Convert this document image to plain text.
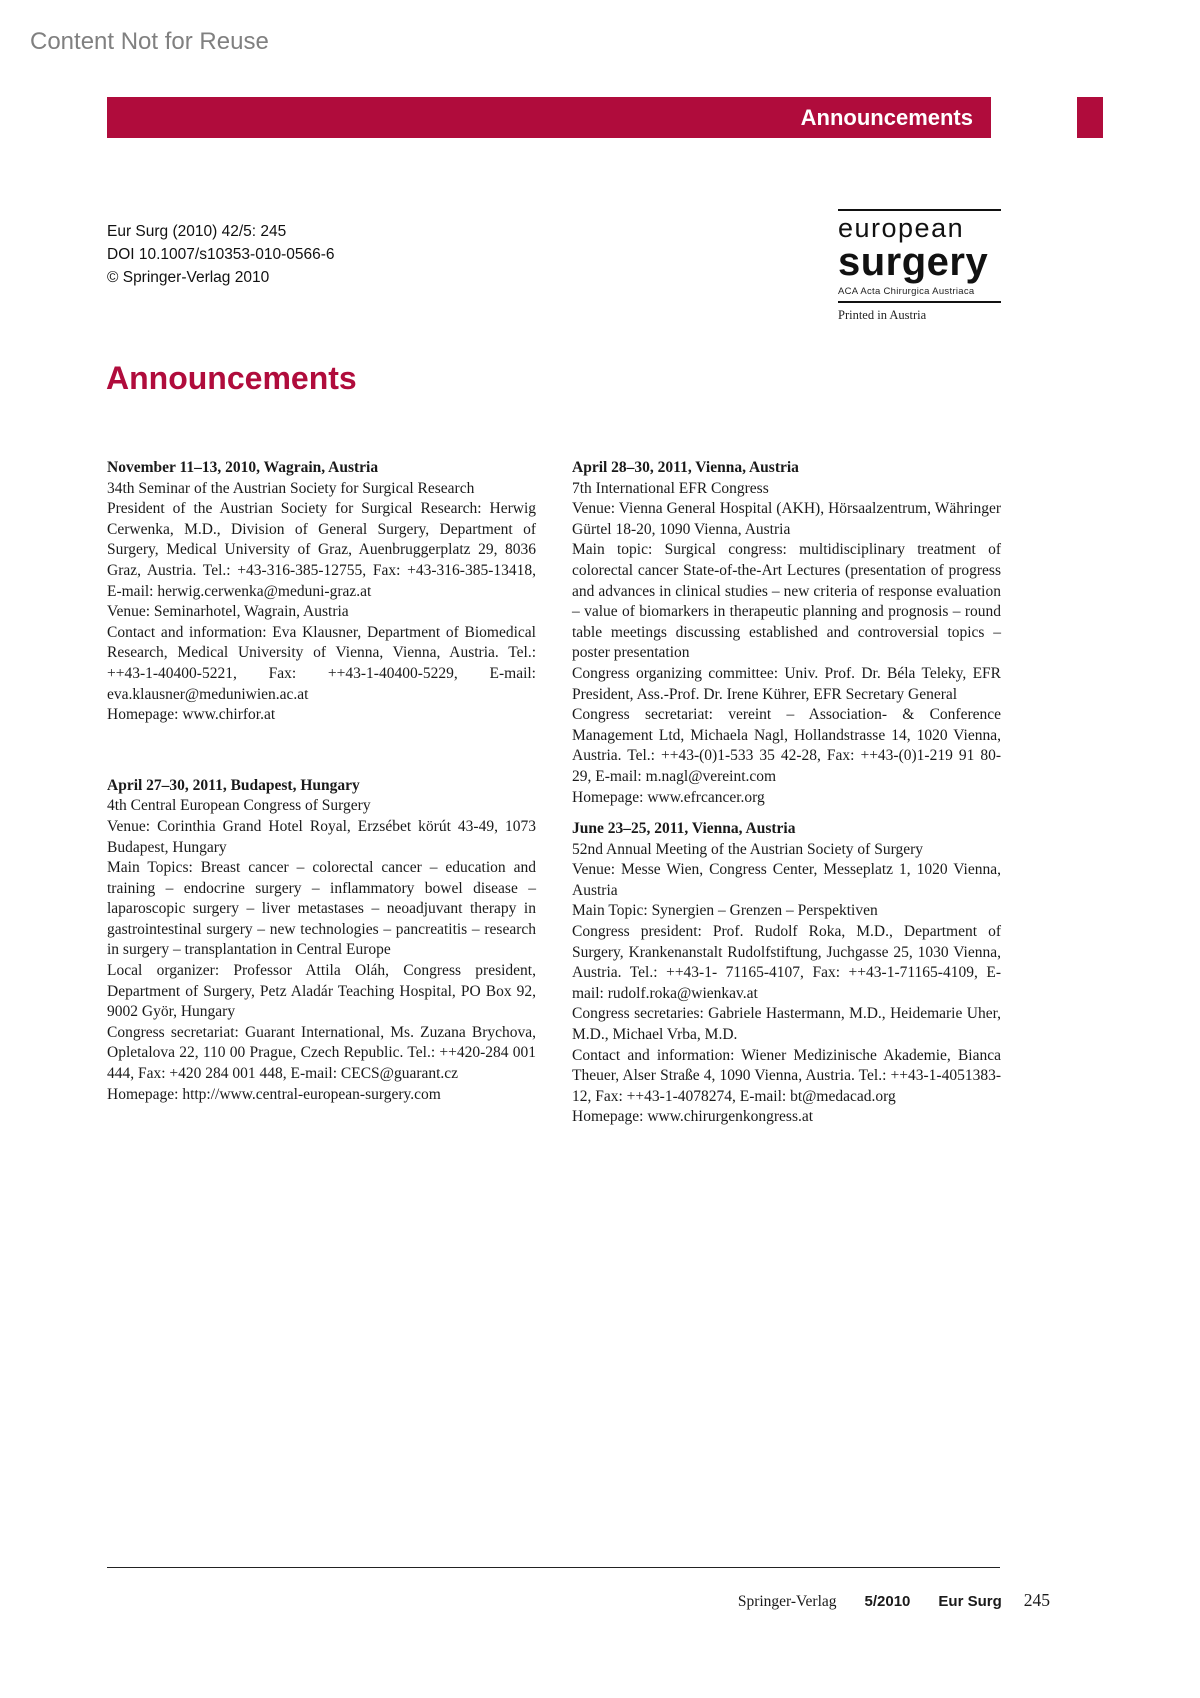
Content Not for Reuse
Announcements
Eur Surg (2010) 42/5: 245
DOI 10.1007/s10353-010-0566-6
© Springer-Verlag 2010
european
surgery
ACA Acta Chirurgica Austriaca
Printed in Austria
Announcements

November 11–13, 2010, Wagrain, Austria

34th Seminar of the Austrian Society for Surgical Research

President of the Austrian Society for Surgical Research: Herwig Cerwenka, M.D., Division of General Surgery, Department of Surgery, Medical University of Graz, Auenbruggerplatz 29, 8036 Graz, Austria. Tel.: +43-316-385-12755, Fax: +43-316-385-13418, E-mail: herwig.cerwenka@meduni-graz.at

Venue: Seminarhotel, Wagrain, Austria

Contact and information: Eva Klausner, Department of Biomedical Research, Medical University of Vienna, Vienna, Austria. Tel.: ++43-1-40400-5221, Fax: ++43-1-40400-5229, E-mail: eva.klausner@meduniwien.ac.at

Homepage: www.chirfor.at

April 27–30, 2011, Budapest, Hungary

4th Central European Congress of Surgery

Venue: Corinthia Grand Hotel Royal, Erzsébet körút 43-49, 1073 Budapest, Hungary

Main Topics: Breast cancer – colorectal cancer – education and training – endocrine surgery – inflammatory bowel disease – laparoscopic surgery – liver metastases – neoadjuvant therapy in gastrointestinal surgery – new technologies – pancreatitis – research in surgery – transplantation in Central Europe

Local organizer: Professor Attila Oláh, Congress president, Department of Surgery, Petz Aladár Teaching Hospital, PO Box 92, 9002 Györ, Hungary

Congress secretariat: Guarant International, Ms. Zuzana Brychova, Opletalova 22, 110 00 Prague, Czech Republic. Tel.: ++420-284 001 444, Fax: +420 284 001 448, E-mail: CECS@guarant.cz

Homepage: http://www.central-european-surgery.com

April 28–30, 2011, Vienna, Austria

7th International EFR Congress

Venue: Vienna General Hospital (AKH), Hörsaalzentrum, Währinger Gürtel 18-20, 1090 Vienna, Austria

Main topic: Surgical congress: multidisciplinary treatment of colorectal cancer State-of-the-Art Lectures (presentation of progress and advances in clinical studies – new criteria of response evaluation – value of biomarkers in therapeutic planning and prognosis – round table meetings discussing established and controversial topics – poster presentation

Congress organizing committee: Univ. Prof. Dr. Béla Teleky, EFR President, Ass.-Prof. Dr. Irene Kührer, EFR Secretary General

Congress secretariat: vereint – Association- & Conference Management Ltd, Michaela Nagl, Hollandstrasse 14, 1020 Vienna, Austria. Tel.: ++43-(0)1-533 35 42-28, Fax: ++43-(0)1-219 91 80-29, E-mail: m.nagl@vereint.com

Homepage: www.efrcancer.org

June 23–25, 2011, Vienna, Austria

52nd Annual Meeting of the Austrian Society of Surgery

Venue: Messe Wien, Congress Center, Messeplatz 1, 1020 Vienna, Austria

Main Topic: Synergien – Grenzen – Perspektiven

Congress president: Prof. Rudolf Roka, M.D., Department of Surgery, Krankenanstalt Rudolfstiftung, Juchgasse 25, 1030 Vienna, Austria. Tel.: ++43-1- 71165-4107, Fax: ++43-1-71165-4109, E-mail: rudolf.roka@wienkav.at

Congress secretaries: Gabriele Hastermann, M.D., Heidemarie Uher, M.D., Michael Vrba, M.D.

Contact and information: Wiener Medizinische Akademie, Bianca Theuer, Alser Straße 4, 1090 Vienna, Austria. Tel.: ++43-1-4051383-12, Fax: ++43-1-4078274, E-mail: bt@medacad.org

Homepage: www.chirurgenkongress.at

Springer-Verlag 5/2010 Eur Surg 245
